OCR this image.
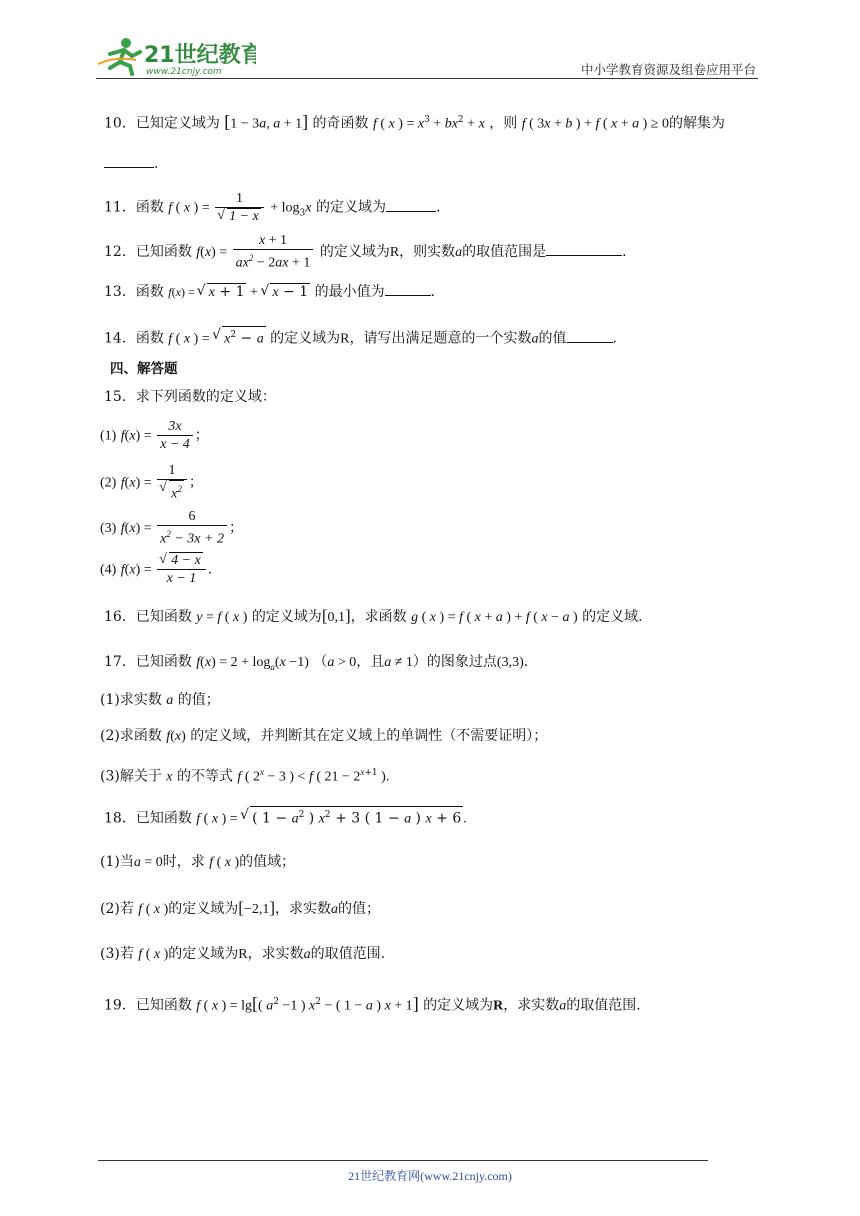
21世纪教育
www.21cnjy.com	中小学教育资源及组卷应用平台
10．已知定义域为 [1 − 3a, a + 1] 的奇函数 f ( x ) = $x^3 + bx^2 + x$ ，则 f ( 3x + b ) + f ( x + a ) ≥ 0的解集为
.
11．函数 f ( x ) = 1
√ $1 - x + \log_3x$ 的定义域为	.
12．已知函数 $f(x) = \frac{x + 1}{ax^2 - 2ax + 1}$ 的定义域为R，则实数a的取值范围是	.
13．函数 f(x) = √ x + 1 + √ x − 1 的最小值为	.
14．函数 f ( x ) = √ $x^2 - a$ 的定义域为R，请写出满足题意的一个实数a的值	.
四、解答题
15．求下列函数的定义域：
(1) $f(x) = \frac{3x}{x - 4}$ ；
(2) f(x) = 1
√ $x^2$ ；
(3) $f(x) = \frac{6}{x^2 - 3x + 2}$ ；
(4) f(x) =
√ $\frac{4 - x}{x - 1}$ .
16．已知函数 y = f ( x ) 的定义域为[0,1]，求函数 g ( x ) = f ( x + a ) + f ( x − a ) 的定义域.
17．已知函数 $f(x) = 2 + \log_a(x -1) (a > 0$，且a ≠ 1）的图象过点(3,3).
(1)求实数 a 的值；
(2)求函数 f(x) 的定义域，并判断其在定义域上的单调性（不需要证明）；
(3)解关于 x 的不等式 f ( $2^x - 3$ ) < f ( $21 - 2^{x+1}$ ).
18．已知函数 f ( x ) = √ ( $1 - a^2$ ) $x^2 + 3$ ( 1 − a ) x + 6 .
(1)当a = 0时，求 f ( x )的值域；
(2)若 f ( x )的定义域为[−2,1]，求实数a的值；
(3)若 f ( x )的定义域为R，求实数a的取值范围.
19．已知函数 f ( x ) = lg[( $a^2 -1$ ) $x^2$ − ( 1 − a ) x + 1] 的定义域为R，求实数a的取值范围.
21世纪教育网(www.21cnjy.com)
